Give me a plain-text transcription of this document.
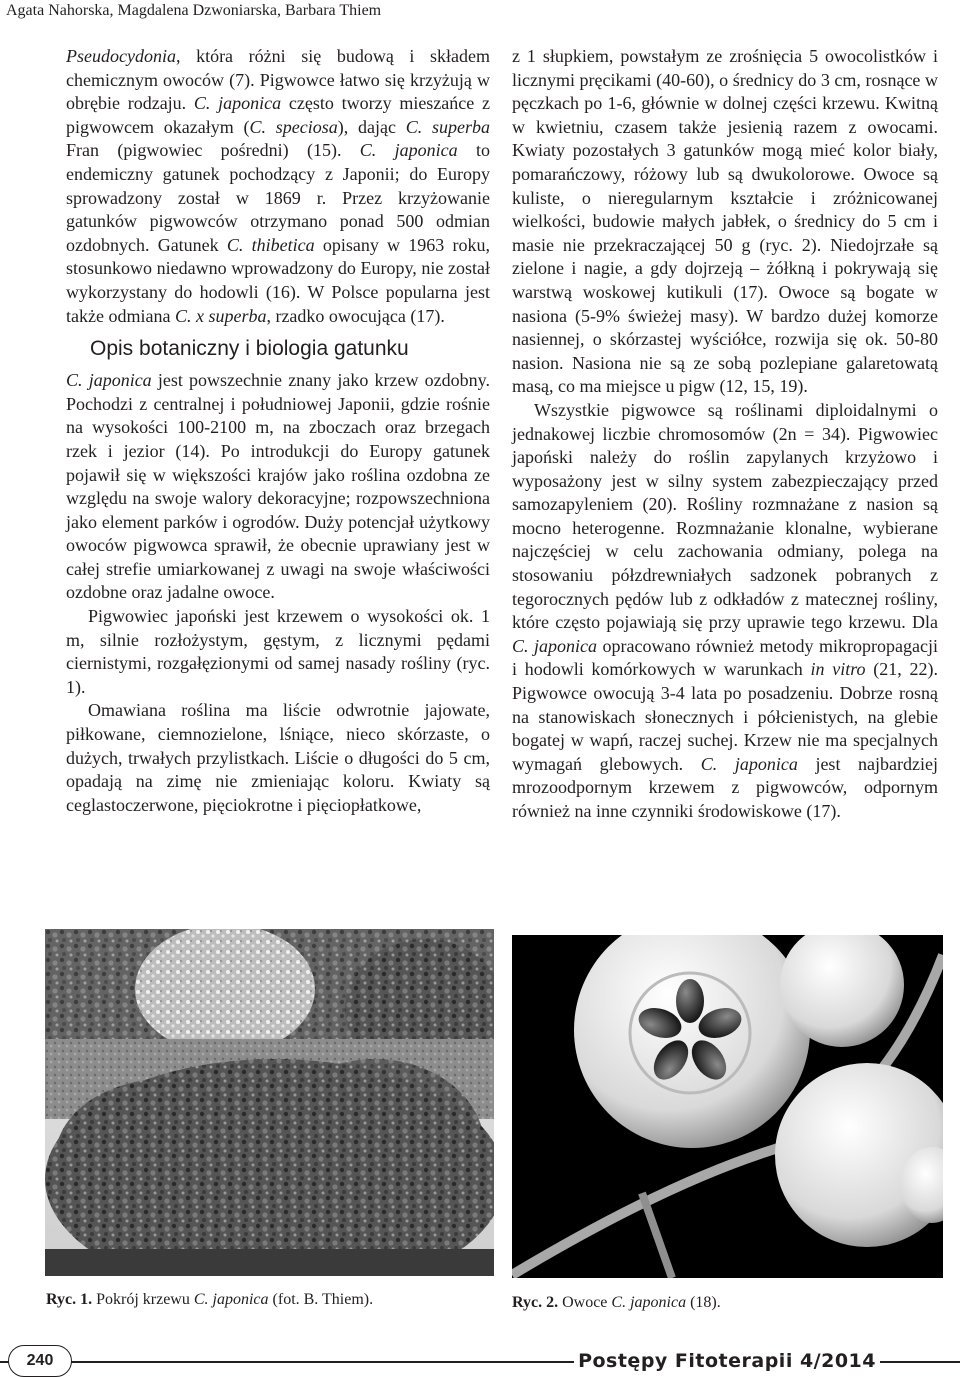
Agata Nahorska, Magdalena Dzwoniarska, Barbara Thiem

Pseudocydonia, która różni się budową i składem chemicznym owoców (7). Pigwowce łatwo się krzyżują w obrębie rodzaju. C. japonica często tworzy mieszańce z pigwowcem okazałym (C. speciosa), dając C. superba Fran (pigwowiec pośredni) (15). C. japonica to endemiczny gatunek pochodzący z Japonii; do Europy sprowadzony został w 1869 r. Przez krzyżowanie gatunków pigwowców otrzymano ponad 500 odmian ozdobnych. Gatunek C. thibetica opisany w 1963 roku, stosunkowo niedawno wprowadzony do Europy, nie został wykorzystany do hodowli (16). W Polsce popularna jest także odmiana C. x superba, rzadko owocująca (17).

Opis botaniczny i biologia gatunku

C. japonica jest powszechnie znany jako krzew ozdobny. Pochodzi z centralnej i południowej Japonii, gdzie rośnie na wysokości 100-2100 m, na zboczach oraz brzegach rzek i jezior (14). Po introdukcji do Europy gatunek pojawił się w większości krajów jako roślina ozdobna ze względu na swoje walory dekoracyjne; rozpowszechniona jako element parków i ogrodów. Duży potencjał użytkowy owoców pigwowca sprawił, że obecnie uprawiany jest w całej strefie umiarkowanej z uwagi na swoje właściwości ozdobne oraz jadalne owoce.

Pigwowiec japoński jest krzewem o wysokości ok. 1 m, silnie rozłożystym, gęstym, z licznymi pędami ciernistymi, rozgałęzionymi od samej nasady rośliny (ryc. 1).

Omawiana roślina ma liście odwrotnie jajowate, piłkowane, ciemnozielone, lśniące, nieco skórzaste, o dużych, trwałych przylistkach. Liście o długości do 5 cm, opadają na zimę nie zmieniając koloru. Kwiaty są ceglastoczerwone, pięciokrotne i pięciopłatkowe,

z 1 słupkiem, powstałym ze zrośnięcia 5 owocolistków i licznymi pręcikami (40-60), o średnicy do 3 cm, rosnące w pęczkach po 1-6, głównie w dolnej części krzewu. Kwitną w kwietniu, czasem także jesienią razem z owocami. Kwiaty pozostałych 3 gatunków mogą mieć kolor biały, pomarańczowy, różowy lub są dwukolorowe. Owoce są kuliste, o nieregularnym kształcie i zróżnicowanej wielkości, budowie małych jabłek, o średnicy do 5 cm i masie nie przekraczającej 50 g (ryc. 2). Niedojrzałe są zielone i nagie, a gdy dojrzeją – żółkną i pokrywają się warstwą woskowej kutikuli (17). Owoce są bogate w nasiona (5-9% świeżej masy). W bardzo dużej komorze nasiennej, o skórzastej wyściółce, rozwija się ok. 50-80 nasion. Nasiona nie są ze sobą pozlepiane galaretowatą masą, co ma miejsce u pigw (12, 15, 19).

Wszystkie pigwowce są roślinami diploidalnymi o jednakowej liczbie chromosomów (2n = 34). Pigwowiec japoński należy do roślin zapylanych krzyżowo i wyposażony jest w silny system zabezpieczający przed samozapyleniem (20). Rośliny rozmnażane z nasion są mocno heterogenne. Rozmnażanie klonalne, wybierane najczęściej w celu zachowania odmiany, polega na stosowaniu półzdrewniałych sadzonek pobranych z tegorocznych pędów lub z odkładów z matecznej rośliny, które często pojawiają się przy uprawie tego krzewu. Dla C. japonica opracowano również metody mikropropagacji i hodowli komórkowych w warunkach in vitro (21, 22). Pigwowce owocują 3-4 lata po posadzeniu. Dobrze rosną na stanowiskach słonecznych i półcienistych, na glebie bogatej w wapń, raczej suchej. Krzew nie ma specjalnych wymagań glebowych. C. japonica jest najbardziej mrozoodpornym krzewem z pigwowców, odpornym również na inne czynniki środowiskowe (17).

Ryc. 1. Pokrój krzewu C. japonica (fot. B. Thiem).	Ryc. 2. Owoce C. japonica (18).
240	Postępy Fitoterapii 4/2014
